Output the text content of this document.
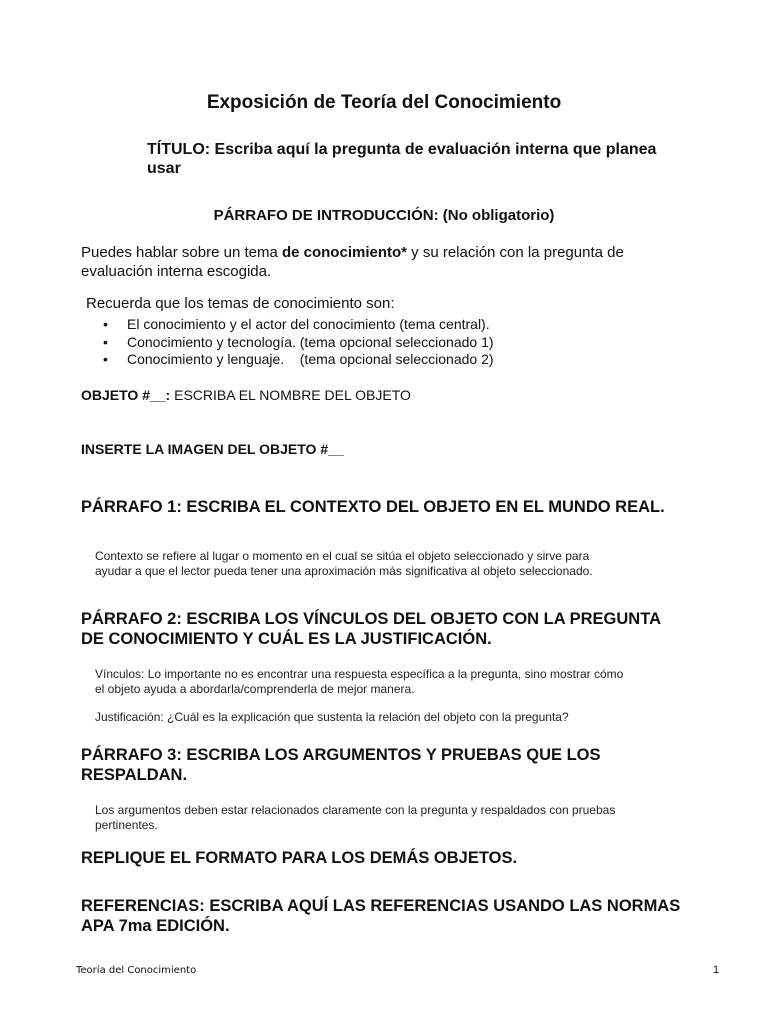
Exposición de Teoría del Conocimiento
TÍTULO: Escriba aquí la pregunta de evaluación interna que planea usar
PÁRRAFO DE INTRODUCCIÓN: (No obligatorio)
Puedes hablar sobre un tema de conocimiento* y su relación con la pregunta de evaluación interna escogida.
Recuerda que los temas de conocimiento son:
• El conocimiento y el actor del conocimiento (tema central).
• Conocimiento y tecnología. (tema opcional seleccionado 1)
• Conocimiento y lenguaje.    (tema opcional seleccionado 2)
OBJETO #__: ESCRIBA EL NOMBRE DEL OBJETO
INSERTE LA IMAGEN DEL OBJETO #__
PÁRRAFO 1: ESCRIBA EL CONTEXTO DEL OBJETO EN EL MUNDO REAL.
Contexto se refiere al lugar o momento en el cual se sitúa el objeto seleccionado y sirve para ayudar a que el lector pueda tener una aproximación más significativa al objeto seleccionado.
PÁRRAFO 2: ESCRIBA LOS VÍNCULOS DEL OBJETO CON LA PREGUNTA DE CONOCIMIENTO Y CUÁL ES LA JUSTIFICACIÓN.
Vínculos: Lo importante no es encontrar una respuesta específica a la pregunta, sino mostrar cómo el objeto ayuda a abordarla/comprenderla de mejor manera.
Justificación: ¿Cuál es la explicación que sustenta la relación del objeto con la pregunta?
PÁRRAFO 3: ESCRIBA LOS ARGUMENTOS Y PRUEBAS QUE LOS RESPALDAN.
Los argumentos deben estar relacionados claramente con la pregunta y respaldados con pruebas pertinentes.
REPLIQUE EL FORMATO PARA LOS DEMÁS OBJETOS.
REFERENCIAS: ESCRIBA AQUÍ LAS REFERENCIAS USANDO LAS NORMAS APA 7ma EDICIÓN.
Teoría del Conocimiento	1
